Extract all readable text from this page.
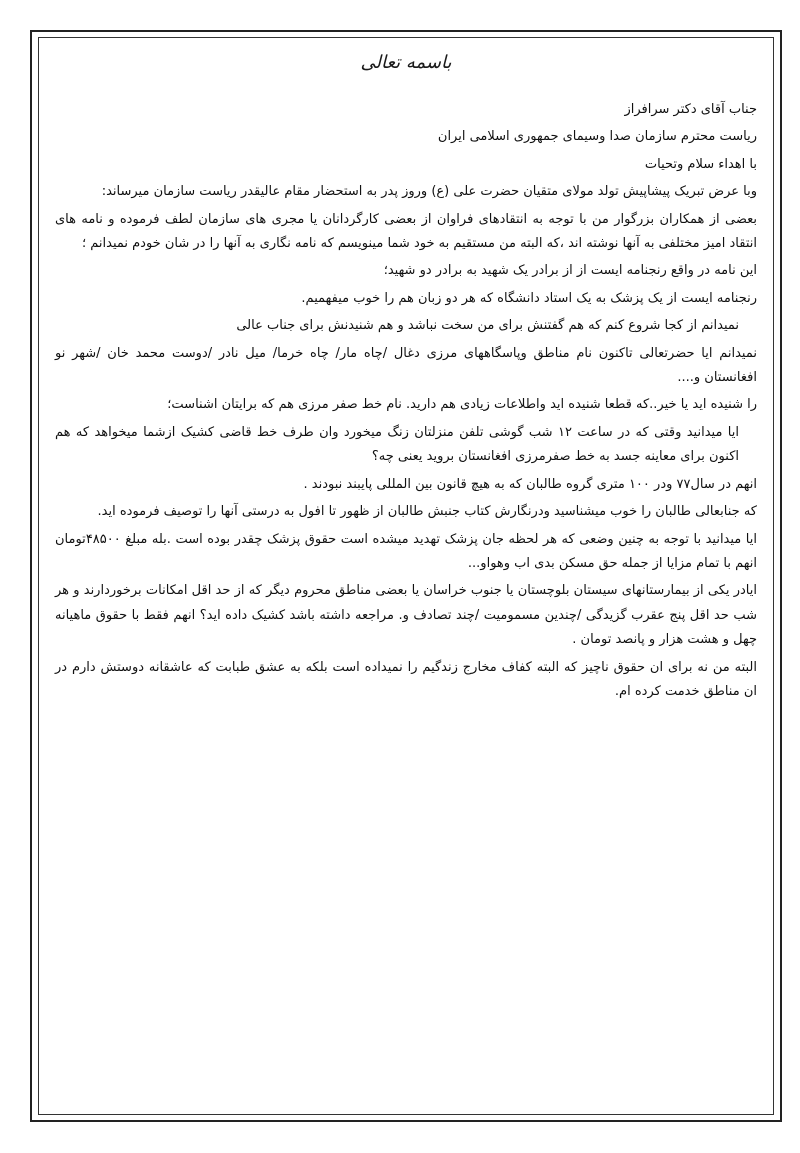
باسمه تعالی

جناب آقای دکتر سرافراز

ریاست محترم سازمان صدا وسیمای جمهوری اسلامی ایران

با اهداء سلام وتحیات

وبا عرض تبریک پیشاپیش تولد مولای متقیان حضرت علی (ع) وروز پدر به استحضار مقام عالیقدر ریاست سازمان میرساند:

بعضی از همکاران بزرگوار من با توجه به انتقادهای فراوان از بعضی کارگردانان یا مجری های سازمان لطف فرموده و نامه های انتقاد امیز مختلفی به آنها نوشته اند ،که البته من مستقیم به خود شما مینویسم که نامه نگاری به آنها را در شان خودم نمیدانم ؛

این نامه در واقع رنجنامه ایست از از برادر یک شهید به برادر دو شهید؛

رنجنامه ایست از یک پزشک به یک استاد دانشگاه که هر دو زبان هم را خوب میفهمیم.

نمیدانم از کجا شروع کنم که هم گفتنش برای من سخت نباشد و هم شنیدنش برای جناب عالی

نمیدانم ایا حضرتعالی تاکنون نام مناطق وپاسگاههای مرزی دغال /چاه مار/ چاه خرما/ میل نادر /دوست محمد خان /شهر نو افغانستان و....

را شنیده اید یا خیر..که قطعا شنیده اید واطلاعات زیادی هم دارید. نام خط صفر مرزی هم که برایتان اشناست؛

ایا میدانید وقتی که در ساعت ۱۲ شب گوشی تلفن منزلتان زنگ میخورد وان طرف خط قاضی کشیک ازشما میخواهد که هم اکنون برای معاینه جسد به خط صفرمرزی افغانستان بروید یعنی چه؟

انهم در سال۷۷ ودر ۱۰۰ متری گروه طالبان که به هیچ قانون بین المللی پایبند نبودند .

که جنابعالی طالبان را خوب میشناسید ودرنگارش کتاب جنبش طالبان از ظهور تا افول به درستی آنها را توصیف فرموده اید.

ایا میدانید با توجه به چنین وضعی که هر لحظه جان پزشک تهدید میشده است حقوق پزشک چقدر بوده است .بله مبلغ ۴۸۵۰۰تومان انهم با تمام مزایا از جمله حق مسکن بدی اب وهواو...

ایادر یکی از بیمارستانهای سیستان بلوچستان یا جنوب خراسان یا بعضی مناطق محروم دیگر که از حد اقل امکانات برخوردارند و هر شب حد اقل پنج عقرب گزیدگی /چندین مسمومیت /چند تصادف و. مراجعه داشته باشد کشیک داده اید؟ انهم فقط با حقوق ماهیانه چهل و هشت هزار و پانصد تومان .

البته من نه برای ان حقوق ناچیز که البته کفاف مخارج زندگیم را نمیداده است بلکه به عشق طبابت که عاشقانه دوستش دارم در ان مناطق خدمت کرده ام.
